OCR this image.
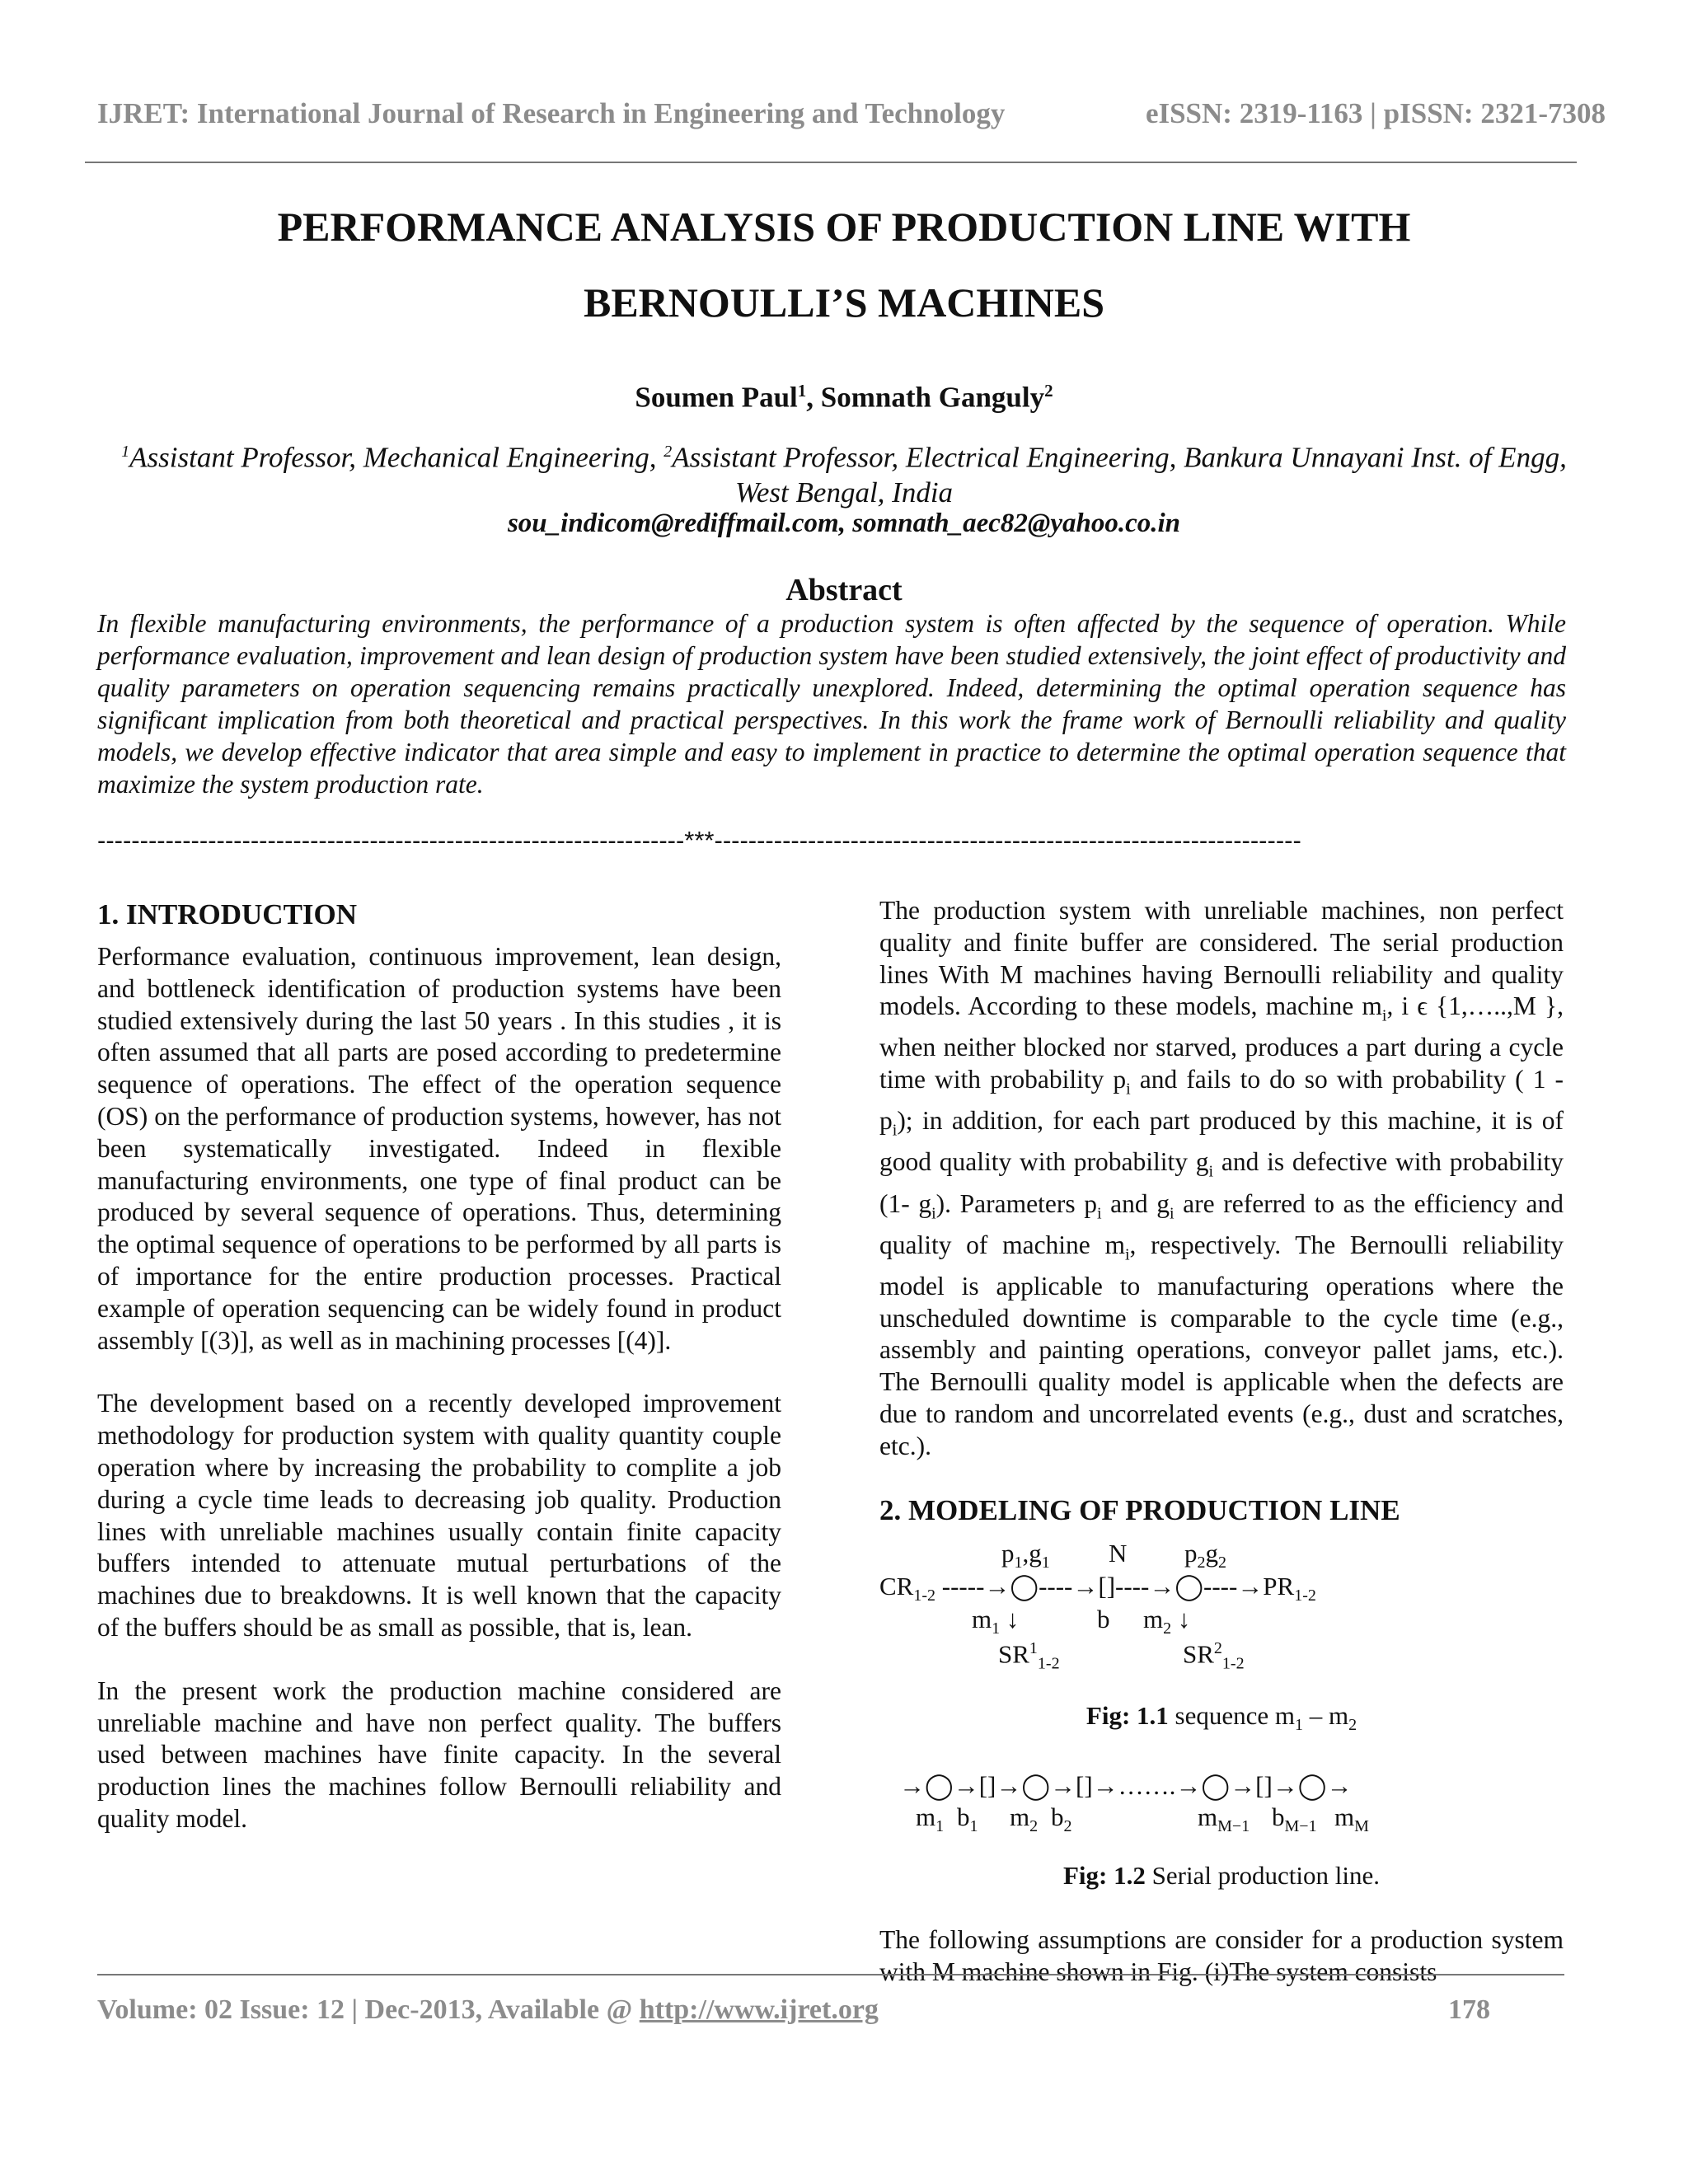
IJRET: International Journal of Research in Engineering and Technology	eISSN: 2319-1163 | pISSN: 2321-7308
PERFORMANCE ANALYSIS OF PRODUCTION LINE WITH
BERNOULLI’S MACHINES
Soumen Paul$^1$, Somnath Ganguly$^2$
$^1$Assistant Professor, Mechanical Engineering, $^2$Assistant Professor, Electrical Engineering, Bankura Unnayani Inst. of Engg, West Bengal, India
sou_indicom@rediffmail.com, somnath_aec82@yahoo.co.in
Abstract
In flexible manufacturing environments, the performance of a production system is often affected by the sequence of operation. While performance evaluation, improvement and lean design of production system have been studied extensively, the joint effect of productivity and quality parameters on operation sequencing remains practically unexplored. Indeed, determining the optimal operation sequence has significant implication from both theoretical and practical perspectives. In this work the frame work of Bernoulli reliability and quality models, we develop effective indicator that area simple and easy to implement in practice to determine the optimal operation sequence that maximize the system production rate.
---------------------------------------------------------------------***---------------------------------------------------------------------
1. INTRODUCTION

Performance evaluation, continuous improvement, lean design, and bottleneck identification of production systems have been studied extensively during the last 50 years . In this studies , it is often assumed that all parts are posed according to predetermine sequence of operations. The effect of the operation sequence (OS) on the performance of production systems, however, has not been systematically investigated. Indeed in flexible manufacturing environments, one type of final product can be produced by several sequence of operations. Thus, determining the optimal sequence of operations to be performed by all parts is of importance for the entire production processes. Practical example of operation sequencing can be widely found in product assembly [(3)], as well as in machining processes [(4)].

The development based on a recently developed improvement methodology for production system with quality quantity couple operation where by increasing the probability to complite a job during a cycle time leads to decreasing job quality. Production lines with unreliable machines usually contain finite capacity buffers intended to attenuate mutual perturbations of the machines due to breakdowns. It is well known that the capacity of the buffers should be as small as possible, that is, lean.

In the present work the production machine considered are unreliable machine and have non perfect quality. The buffers used between machines have finite capacity. In the several production lines the machines follow Bernoulli reliability and quality model.

The production system with unreliable machines, non perfect quality and finite buffer are considered. The serial production lines With M machines having Bernoulli reliability and quality models. According to these models, machine $m_i$, i ϵ {1,…..,M }, when neither blocked nor starved, produces a part during a cycle time with probability $p_i$ and fails to do so with probability ( $1 - p_i$); in addition, for each part produced by this machine, it is of good quality with probability $g_i$ and is defective with probability (1- $g_i$). Parameters $p_i$ and $g_i$ are referred to as the efficiency and quality of machine $m_i$, respectively. The Bernoulli reliability model is applicable to manufacturing operations where the unscheduled downtime is comparable to the cycle time (e.g., assembly and painting operations, conveyor pallet jams, etc.). The Bernoulli quality model is applicable when the defects are due to random and uncorrelated events (e.g., dust and scratches, etc.).

2. MODELING OF PRODUCTION LINE
$p_1,g_1$ N $p_2g_2$
$CR_{1-2}$ $-----\to◯----\to[]----\to◯----\to PR_{1-2}$
$m_1$ ↓	b $m_2$ ↓
$SR^1_{1-2}$	$SR^2_{1-2}$
Fig: 1.1 sequence $m_1 - m_2$
→◯→[]→◯→[]→…….→◯→[]→◯→
$m_1$ $b_1$ $m_2$ $b_2$	$m_{M-1}$ $b_{M-1}$ $m_M$
Fig: 1.2 Serial production line.

The following assumptions are consider for a production system with M machine shown in Fig. (i)The system consists

Volume: 02 Issue: 12 | Dec-2013, Available @ http://www.ijret.org	178
